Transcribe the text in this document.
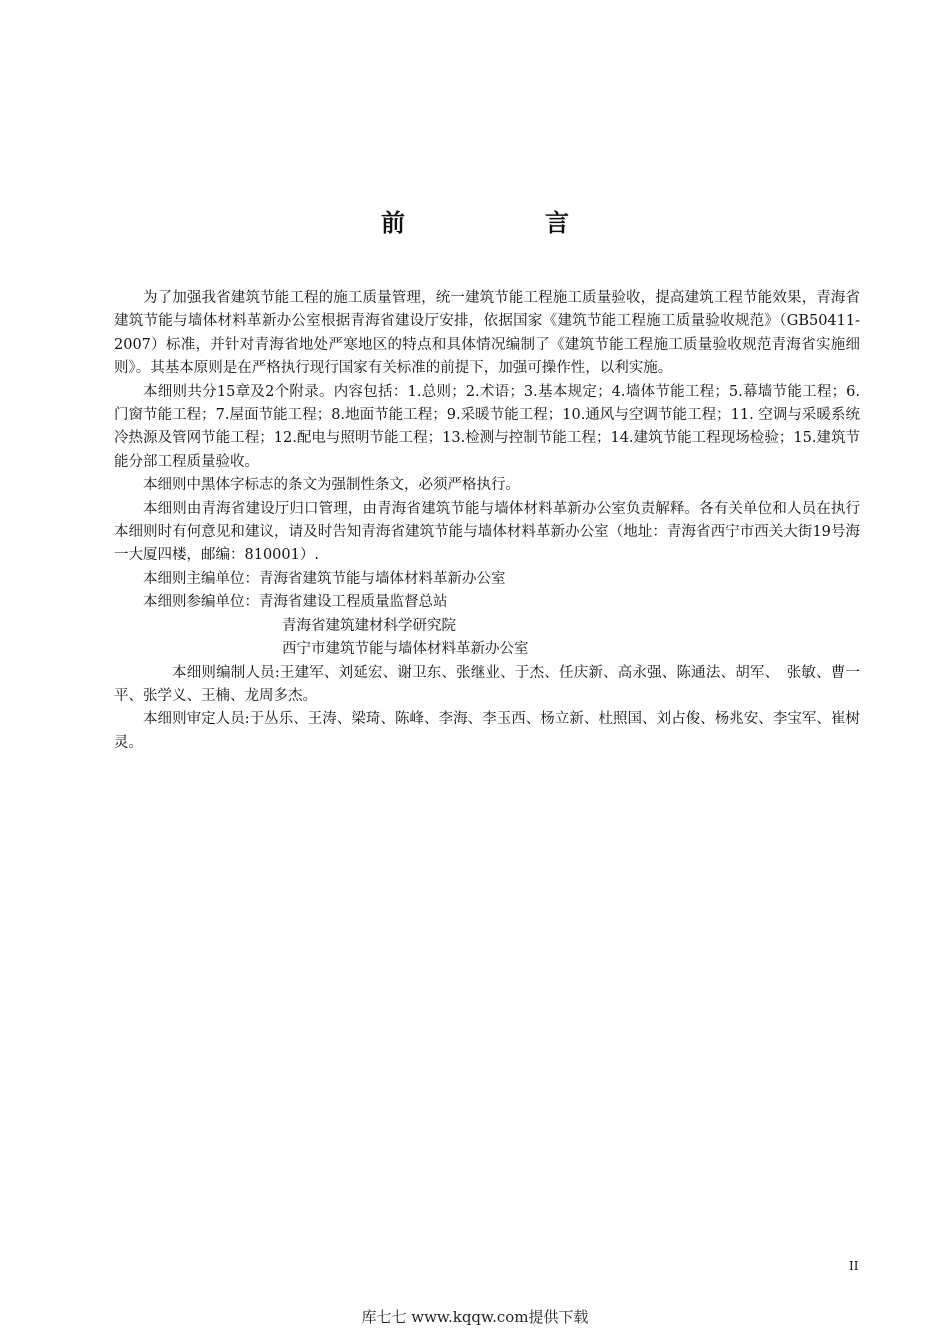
前　言

为了加强我省建筑节能工程的施工质量管理，统一建筑节能工程施工质量验收，提高建筑工程节能效果，青海省建筑节能与墙体材料革新办公室根据青海省建设厅安排，依据国家《建筑节能工程施工质量验收规范》（GB50411-2007）标准，并针对青海省地处严寒地区的特点和具体情况编制了《建筑节能工程施工质量验收规范青海省实施细则》。其基本原则是在严格执行现行国家有关标准的前提下，加强可操作性，以利实施。

本细则共分15章及2个附录。内容包括：1.总则；2.术语；3.基本规定；4.墙体节能工程；5.幕墙节能工程；6.门窗节能工程；7.屋面节能工程；8.地面节能工程；9.采暖节能工程；10.通风与空调节能工程；11. 空调与采暖系统冷热源及管网节能工程；12.配电与照明节能工程；13.检测与控制节能工程；14.建筑节能工程现场检验；15.建筑节能分部工程质量验收。

本细则中黑体字标志的条文为强制性条文，必须严格执行。

本细则由青海省建设厅归口管理，由青海省建筑节能与墙体材料革新办公室负责解释。各有关单位和人员在执行本细则时有何意见和建议，请及时告知青海省建筑节能与墙体材料革新办公室（地址：青海省西宁市西关大街19号海一大厦四楼，邮编：810001）.

本细则主编单位：青海省建筑节能与墙体材料革新办公室

本细则参编单位：青海省建设工程质量监督总站

青海省建筑建材科学研究院
西宁市建筑节能与墙体材料革新办公室

本细则编制人员:王建军、刘延宏、谢卫东、张继业、于杰、任庆新、高永强、陈通法、胡军、　张敏、曹一平、张学义、王楠、龙周多杰。

本细则审定人员:于丛乐、王涛、梁琦、陈峰、李海、李玉西、杨立新、杜照国、刘占俊、杨兆安、李宝军、崔树灵。

II
库七七 www.kqqw.com提供下载
